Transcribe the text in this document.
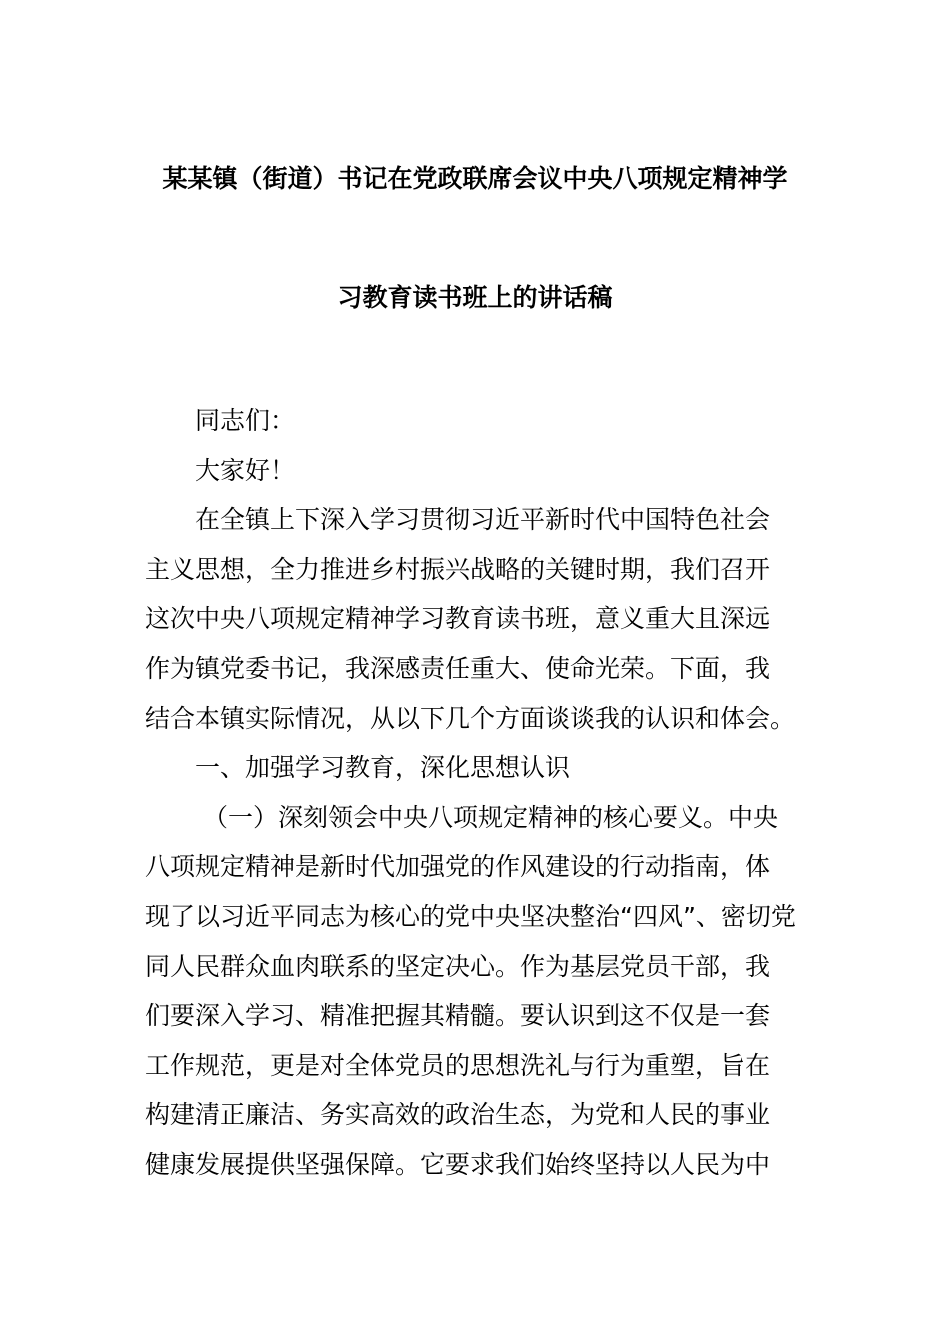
某某镇（街道）书记在党政联席会议中央八项规定精神学
习教育读书班上的讲话稿
同志们：
大家好！
在全镇上下深入学习贯彻习近平新时代中国特色社会
主义思想，全力推进乡村振兴战略的关键时期，我们召开
这次中央八项规定精神学习教育读书班，意义重大且深远
作为镇党委书记，我深感责任重大、使命光荣。下面，我
结合本镇实际情况，从以下几个方面谈谈我的认识和体会。
一、加强学习教育，深化思想认识
（一）深刻领会中央八项规定精神的核心要义。中央
八项规定精神是新时代加强党的作风建设的行动指南，体
现了以习近平同志为核心的党中央坚决整治“四风”、密切党
同人民群众血肉联系的坚定决心。作为基层党员干部，我
们要深入学习、精准把握其精髓。要认识到这不仅是一套
工作规范，更是对全体党员的思想洗礼与行为重塑，旨在
构建清正廉洁、务实高效的政治生态，为党和人民的事业
健康发展提供坚强保障。它要求我们始终坚持以人民为中
